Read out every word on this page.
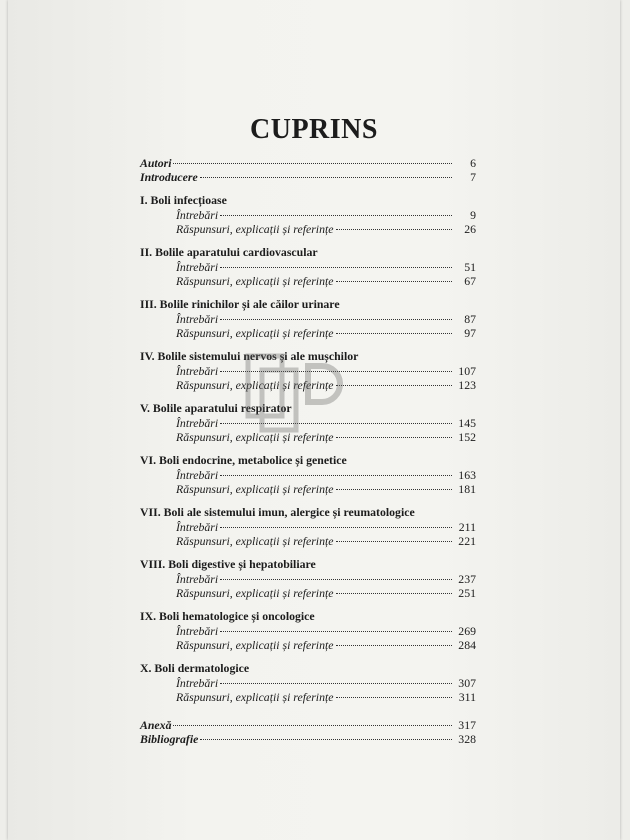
CUPRINS
Autori	6
Introducere	7
I. Boli infecțioase
Întrebări	9
Răspunsuri, explicații și referințe	26
II. Bolile aparatului cardiovascular
Întrebări	51
Răspunsuri, explicații și referințe	67
III. Bolile rinichilor și ale căilor urinare
Întrebări	87
Răspunsuri, explicații și referințe	97
IV. Bolile sistemului nervos și ale mușchilor
Întrebări	107
Răspunsuri, explicații și referințe	123
V. Bolile aparatului respirator
Întrebări	145
Răspunsuri, explicații și referințe	152
VI. Boli endocrine, metabolice și genetice
Întrebări	163
Răspunsuri, explicații și referințe	181
VII. Boli ale sistemului imun, alergice și reumatologice
Întrebări	211
Răspunsuri, explicații și referințe	221
VIII. Boli digestive și hepatobiliare
Întrebări	237
Răspunsuri, explicații și referințe	251
IX. Boli hematologice și oncologice
Întrebări	269
Răspunsuri, explicații și referințe	284
X. Boli dermatologice
Întrebări	307
Răspunsuri, explicații și referințe	311
Anexă	317
Bibliografie	328
